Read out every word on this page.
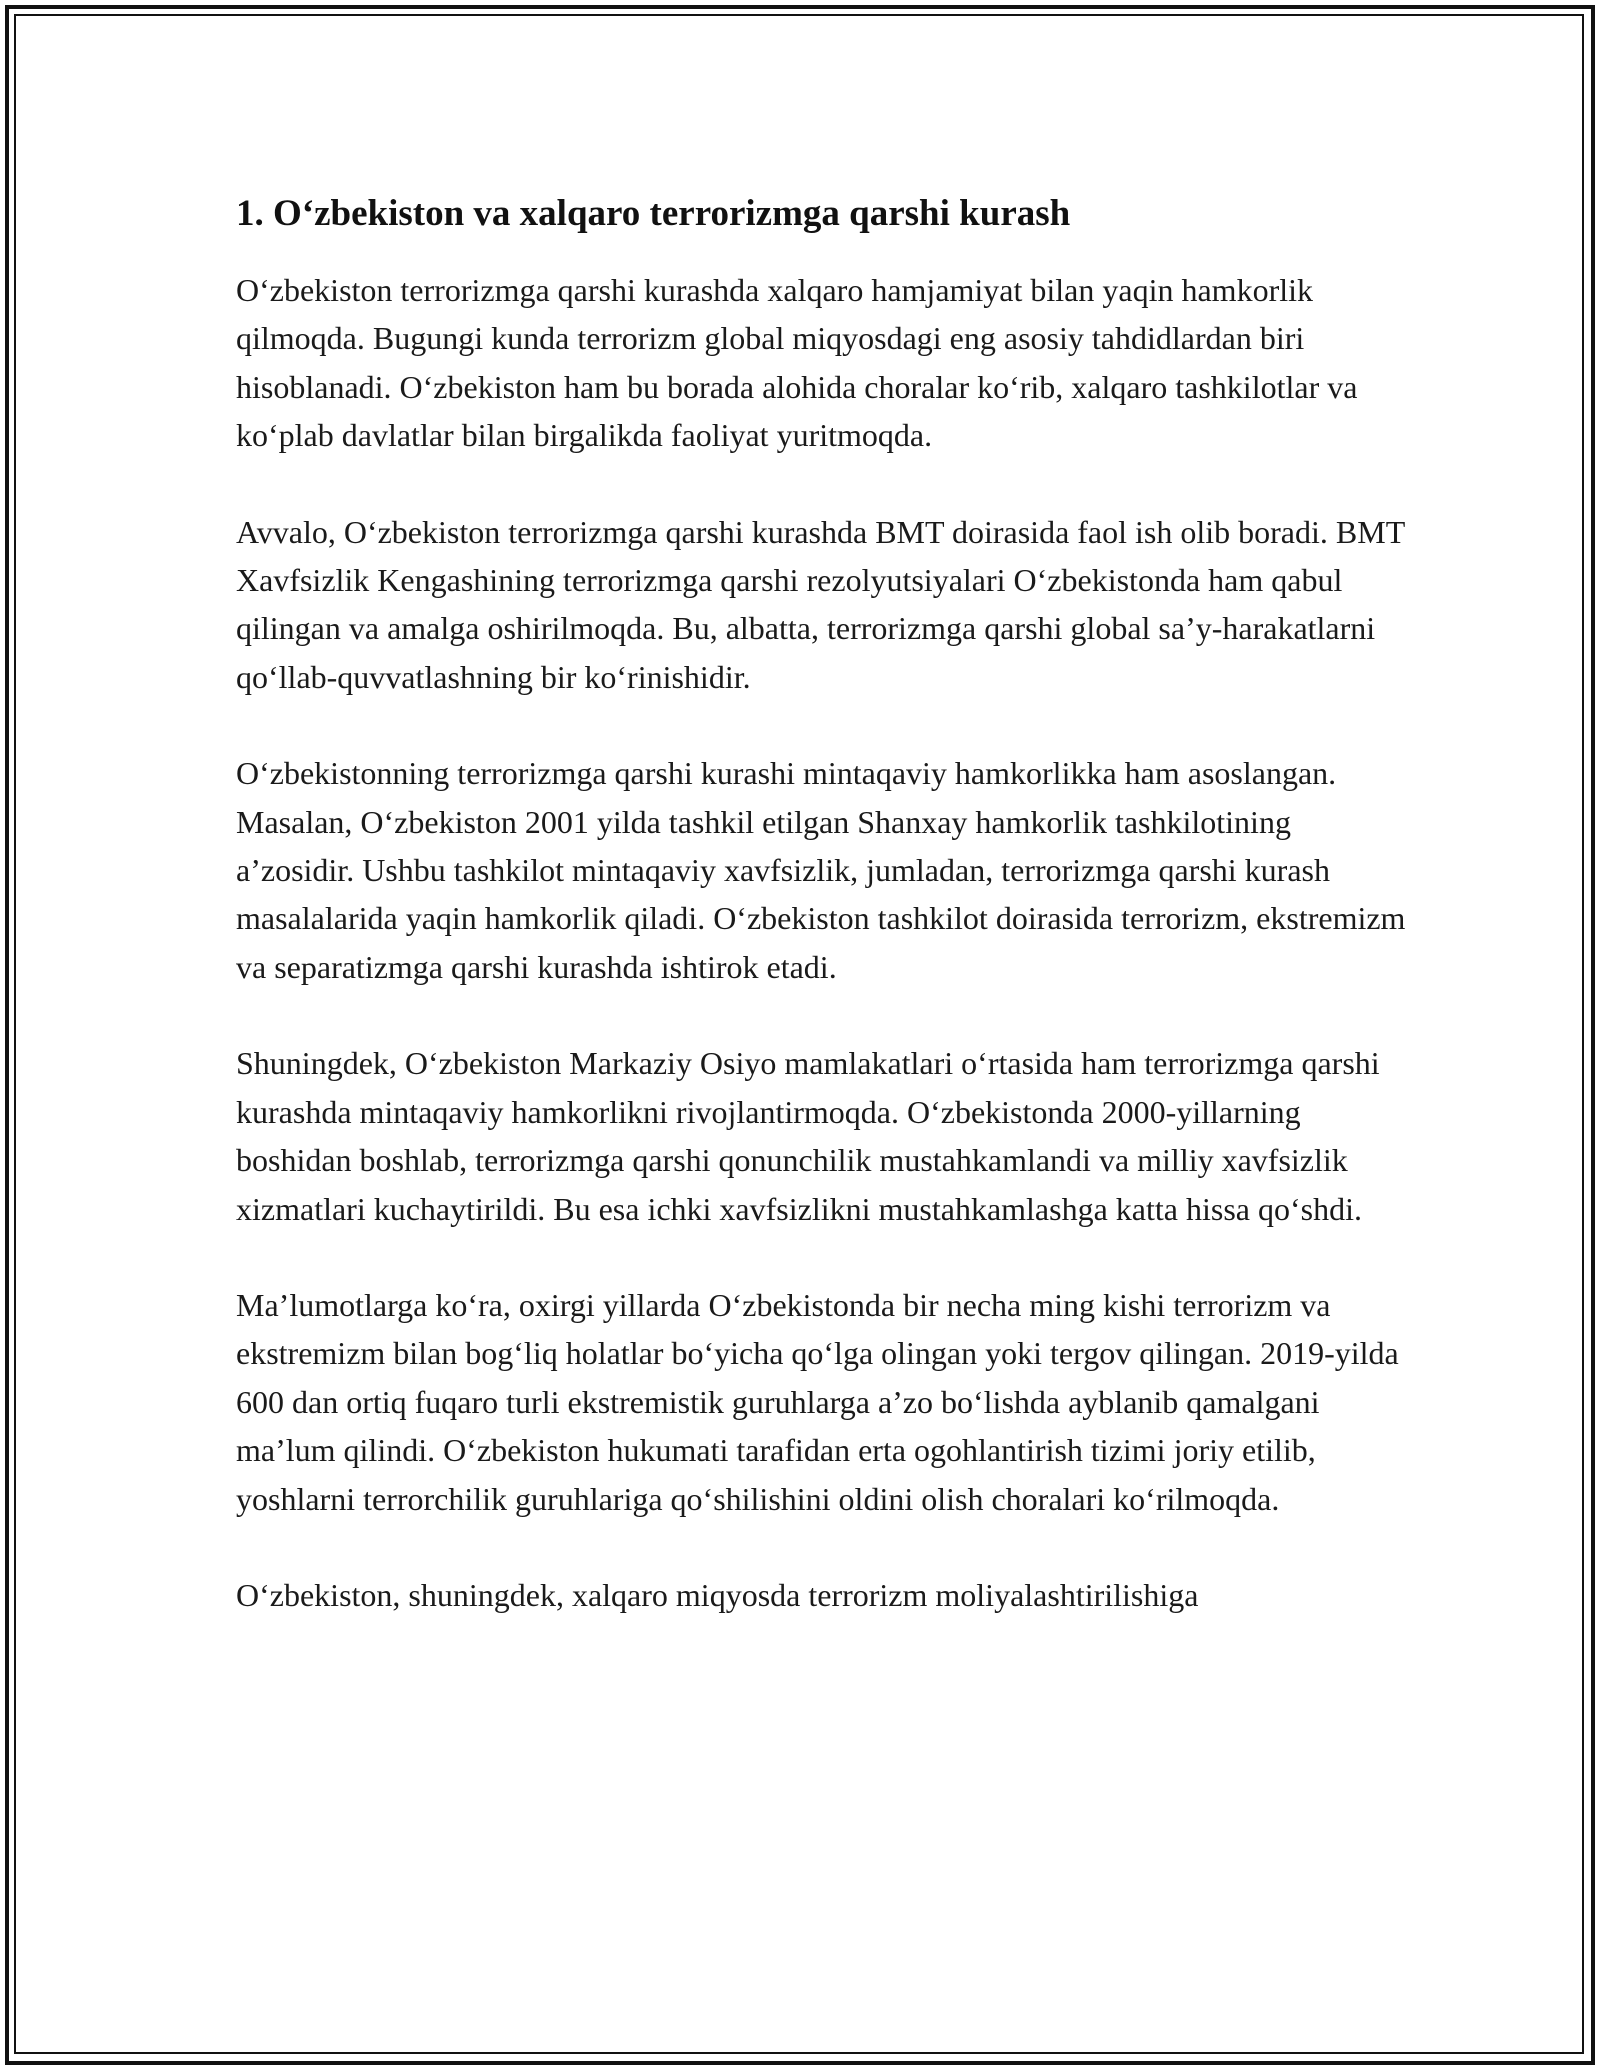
1. O‘zbekiston va xalqaro terrorizmga qarshi kurash

O‘zbekiston terrorizmga qarshi kurashda xalqaro hamjamiyat bilan yaqin hamkorlik qilmoqda. Bugungi kunda terrorizm global miqyosdagi eng asosiy tahdidlardan biri hisoblanadi. O‘zbekiston ham bu borada alohida choralar ko‘rib, xalqaro tashkilotlar va ko‘plab davlatlar bilan birgalikda faoliyat yuritmoqda.

Avvalo, O‘zbekiston terrorizmga qarshi kurashda BMT doirasida faol ish olib boradi. BMT Xavfsizlik Kengashining terrorizmga qarshi rezolyutsiyalari O‘zbekistonda ham qabul qilingan va amalga oshirilmoqda. Bu, albatta, terrorizmga qarshi global sa’y-harakatlarni qo‘llab-quvvatlashning bir ko‘rinishidir.

O‘zbekistonning terrorizmga qarshi kurashi mintaqaviy hamkorlikka ham asoslangan. Masalan, O‘zbekiston 2001 yilda tashkil etilgan Shanxay hamkorlik tashkilotining a’zosidir. Ushbu tashkilot mintaqaviy xavfsizlik, jumladan, terrorizmga qarshi kurash masalalarida yaqin hamkorlik qiladi. O‘zbekiston tashkilot doirasida terrorizm, ekstremizm va separatizmga qarshi kurashda ishtirok etadi.

Shuningdek, O‘zbekiston Markaziy Osiyo mamlakatlari o‘rtasida ham terrorizmga qarshi kurashda mintaqaviy hamkorlikni rivojlantirmoqda. O‘zbekistonda 2000-yillarning boshidan boshlab, terrorizmga qarshi qonunchilik mustahkamlandi va milliy xavfsizlik xizmatlari kuchaytirildi. Bu esa ichki xavfsizlikni mustahkamlashga katta hissa qo‘shdi.

Ma’lumotlarga ko‘ra, oxirgi yillarda O‘zbekistonda bir necha ming kishi terrorizm va ekstremizm bilan bog‘liq holatlar bo‘yicha qo‘lga olingan yoki tergov qilingan. 2019-yilda 600 dan ortiq fuqaro turli ekstremistik guruhlarga a’zo bo‘lishda ayblanib qamalgani ma’lum qilindi. O‘zbekiston hukumati tarafidan erta ogohlantirish tizimi joriy etilib, yoshlarni terrorchilik guruhlariga qo‘shilishini oldini olish choralari ko‘rilmoqda.

O‘zbekiston, shuningdek, xalqaro miqyosda terrorizm moliyalashtirilishiga
